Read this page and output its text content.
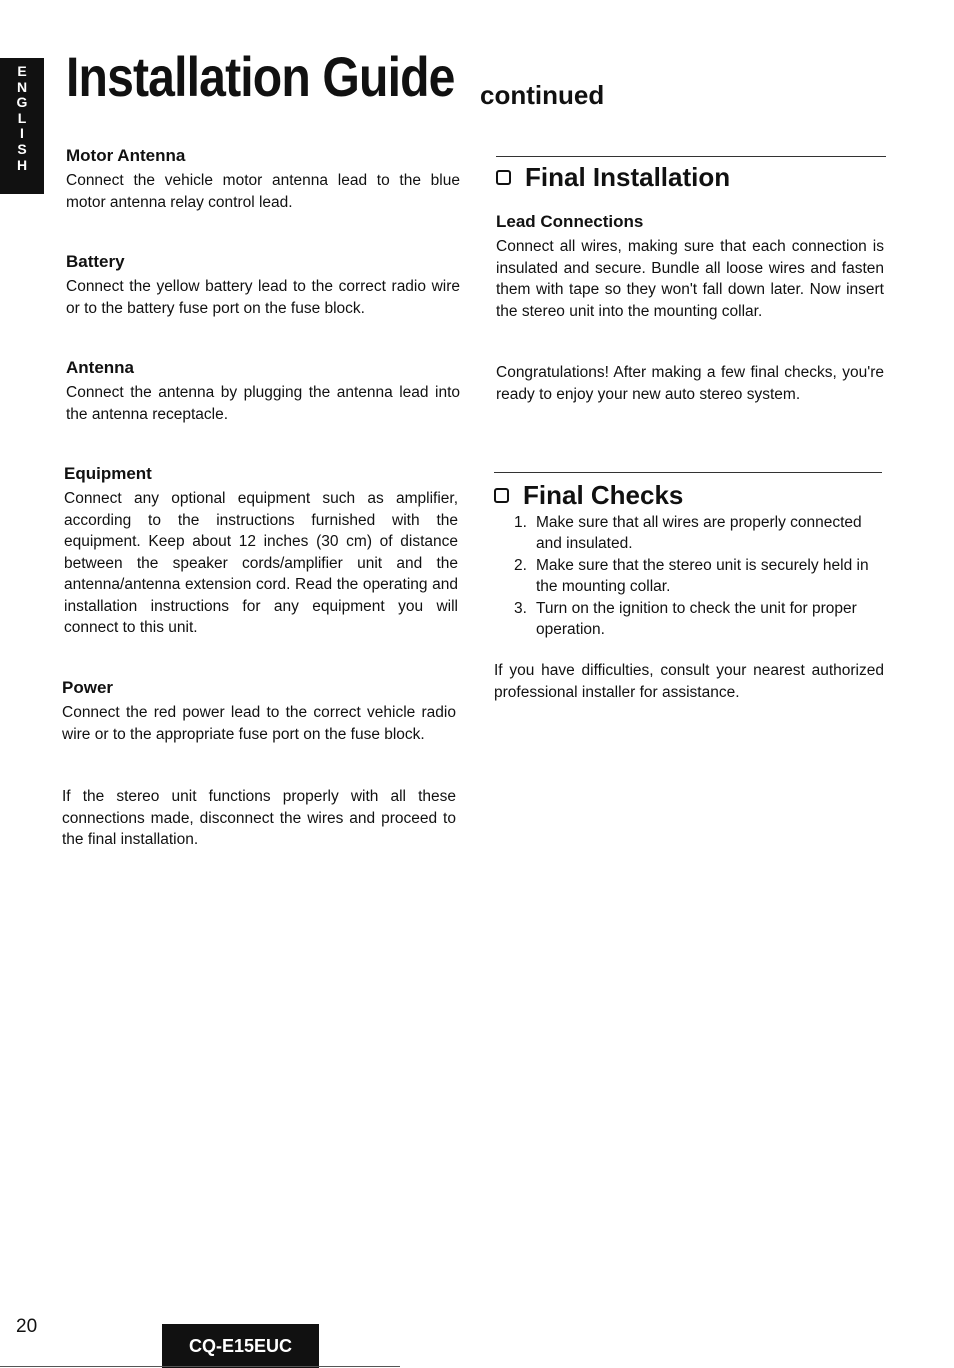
E
N
G
L
I
S
H
Installation Guide continued
Motor Antenna

Connect the vehicle motor antenna lead to the blue motor antenna relay control lead.

Battery

Connect the yellow battery lead to the correct radio wire or to the battery fuse port on the fuse block.

Antenna

Connect the antenna by plugging the antenna lead into the antenna receptacle.

Equipment

Connect any optional equipment such as amplifier, according to the instructions furnished with the equipment. Keep about 12 inches (30 cm) of distance between the speaker cords/amplifier unit and the antenna/antenna extension cord. Read the operating and installation instructions for any equipment you will connect to this unit.

Power

Connect the red power lead to the correct vehicle radio wire or to the appropriate fuse port on the fuse block.

If the stereo unit functions properly with all these connections made, disconnect the wires and proceed to the final installation.

Final Installation
Lead Connections

Connect all wires, making sure that each connection is insulated and secure. Bundle all loose wires and fasten them with tape so they won't fall down later. Now insert the stereo unit into the mounting collar.

Congratulations! After making a few final checks, you're ready to enjoy your new auto stereo system.

Final Checks
1. Make sure that all wires are properly connected and insulated.
2. Make sure that the stereo unit is securely held in the mounting collar.
3. Turn on the ignition to check the unit for proper operation.

If you have difficulties, consult your nearest authorized professional installer for assistance.

20
CQ-E15EUC
